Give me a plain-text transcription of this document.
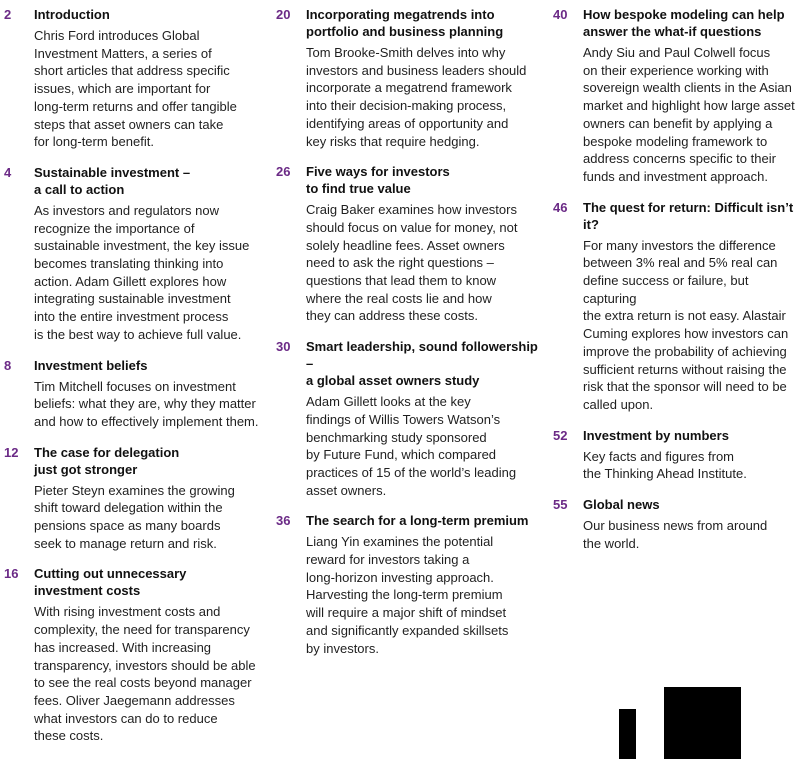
2 Introduction

Chris Ford introduces Global
Investment Matters, a series of
short articles that address specific
issues, which are important for
long-term returns and offer tangible
steps that asset owners can take
for long-term benefit.

4 Sustainable investment –
a call to action

As investors and regulators now
recognize the importance of
sustainable investment, the key issue
becomes translating thinking into
action. Adam Gillett explores how
integrating sustainable investment
into the entire investment process
is the best way to achieve full value.

8 Investment beliefs

Tim Mitchell focuses on investment
beliefs: what they are, why they matter
and how to effectively implement them.

12 The case for delegation
just got stronger

Pieter Steyn examines the growing
shift toward delegation within the
pensions space as many boards
seek to manage return and risk.

16 Cutting out unnecessary
investment costs

With rising investment costs and
complexity, the need for transparency
has increased. With increasing
transparency, investors should be able
to see the real costs beyond manager
fees. Oliver Jaegemann addresses
what investors can do to reduce
these costs.

20 Incorporating megatrends into
portfolio and business planning

Tom Brooke-Smith delves into why
investors and business leaders should
incorporate a megatrend framework
into their decision-making process,
identifying areas of opportunity and
key risks that require hedging.

26 Five ways for investors
to find true value

Craig Baker examines how investors
should focus on value for money, not
solely headline fees. Asset owners
need to ask the right questions –
questions that lead them to know
where the real costs lie and how
they can address these costs.

30 Smart leadership, sound followership –
a global asset owners study

Adam Gillett looks at the key
findings of Willis Towers Watson’s
benchmarking study sponsored
by Future Fund, which compared
practices of 15 of the world’s leading
asset owners.

36 The search for a long-term premium

Liang Yin examines the potential
reward for investors taking a
long-horizon investing approach.
Harvesting the long-term premium
will require a major shift of mindset
and significantly expanded skillsets
by investors.

40 How bespoke modeling can help
answer the what-if questions

Andy Siu and Paul Colwell focus
on their experience working with
sovereign wealth clients in the Asian
market and highlight how large asset
owners can benefit by applying a
bespoke modeling framework to
address concerns specific to their
funds and investment approach.

46 The quest for return: Difficult isn’t it?

For many investors the difference
between 3% real and 5% real can
define success or failure, but capturing
the extra return is not easy. Alastair
Cuming explores how investors can
improve the probability of achieving
sufficient returns without raising the
risk that the sponsor will need to be
called upon.

52 Investment by numbers

Key facts and figures from
the Thinking Ahead Institute.

55 Global news

Our business news from around
the world.
